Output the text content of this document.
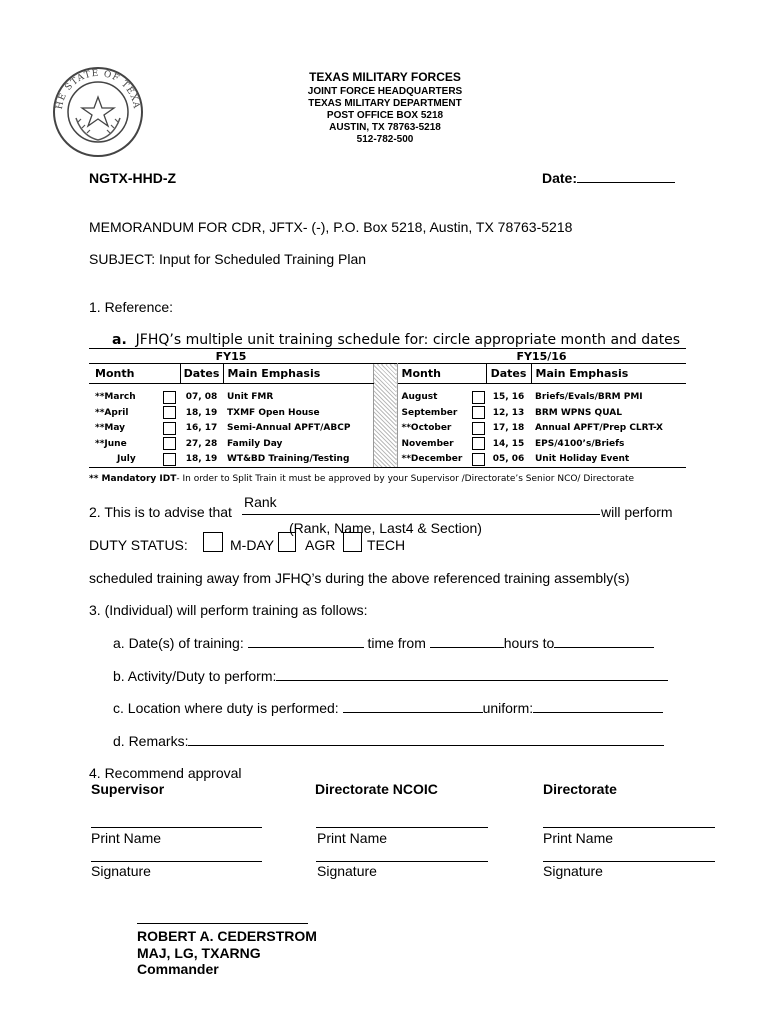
HE STATE OF TEXA
TEXAS MILITARY FORCES
JOINT FORCE HEADQUARTERS
TEXAS MILITARY DEPARTMENT
POST OFFICE BOX 5218
AUSTIN, TX 78763-5218
512-782-500
NGTX-HHD-Z	Date:
MEMORANDUM FOR CDR, JFTX- (-), P.O. Box 5218, Austin, TX 78763-5218
SUBJECT: Input for Scheduled Training Plan
1. Reference:
a. JFHQ’s multiple unit training schedule for: circle appropriate month and dates
FY15					FY15/16			
Month		Dates	Main Emphasis		Month		Dates	Main Emphasis

**March		07, 08	Unit FMR		August		15, 16	Briefs/Evals/BRM PMI
**April		18, 19	TXMF Open House		September		12, 13	BRM WPNS QUAL
**May		16, 17	Semi-Annual APFT/ABCP		**October		17, 18	Annual APFT/Prep CLRT-X
**June		27, 28	Family Day		November		14, 15	EPS/4100’s/Briefs
July		18, 19	WT&BD Training/Testing		**December		05, 06	Unit Holiday Event
** Mandatory IDT- In order to Split Train it must be approved by your Supervisor /Directorate’s Senior NCO/ Directorate
2. This is to advise that
Rank
will perform
(Rank, Name, Last4 & Section)
DUTY STATUS:	M-DAY AGR TECH
scheduled training away from JFHQ’s during the above referenced training assembly(s)
3. (Individual) will perform training as follows:
a. Date(s) of training:	time from	hours to
b. Activity/Duty to perform:
c. Location where duty is performed:	uniform:
d. Remarks:
4. Recommend approval
Supervisor	Directorate NCOIC	Directorate
Print Name	Print Name	Print Name
Signature	Signature	Signature
ROBERT A. CEDERSTROM
MAJ, LG, TXARNG
Commander
